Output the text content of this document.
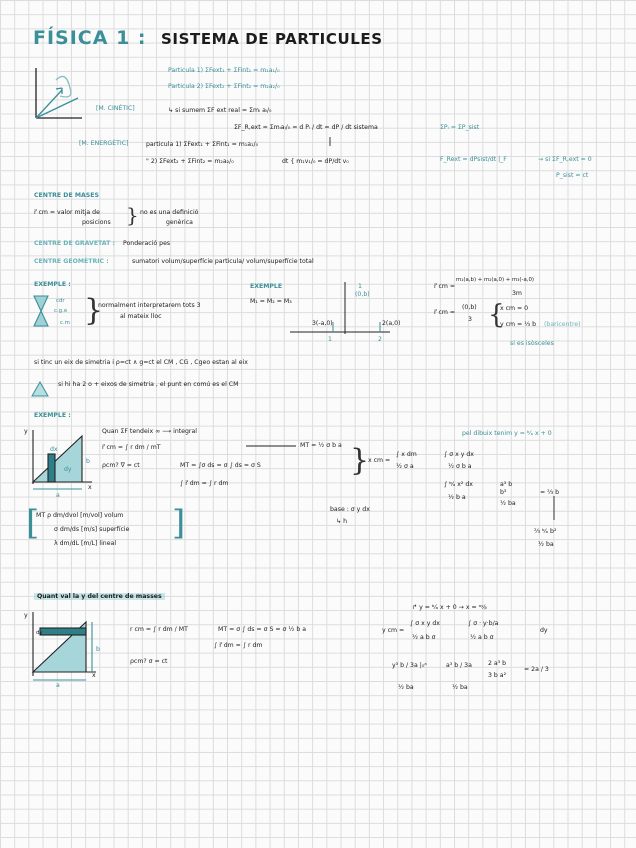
FÍSICA 1 : SISTEMA DE PARTICULES
Particula 1) ΣFext₁ + ΣFint₁ = m₁a₁/₀
Particula 2) ΣFext₂ + ΣFint₂ = m₂a₂/₀
[M. CINÈTIC]	↳ si sumem ΣF ext real = Σmᵢ aᵢ/₀
ΣF_R,ext = Σmᵢaᵢ/₀ = d Pᵢ / dt = dP / dt sistema	ΣPᵢ = ΣP_sist
[M. ENERGÈTIC]	particula 1) ΣFext₁ + ΣFint₁ = m₁a₁/₀
" 2) ΣFext₂ + ΣFint₂ = m₂a₂/₀	dt { m₁v₁/₀ = dP/dt v₀	F_Rext = dPsist/dt |_F	→ si ΣF_R,ext = 0
P_sist = ct
CENTRE DE MASES
r⃗ cm = valor mitja de
posicions } no es una definició
genèrica
CENTRE DE GRAVETAT : Ponderació pes
CENTRE GEOMÈTRIC :	sumatori volum/superfície particula/ volum/superfície total
EXEMPLE :
cdr
c.g.e
c.m }
normalment interpretarem tots 3
al mateix lloc
EXEMPLE
M₁ = M₂ = M₃
1
(0,b)
3(-a,0)	2(a,0)
1	2
r⃗ cm =
m₁(a,b) + m₂(a,0) + m₃(-a,0)
3m
r⃗ cm =
(0,b)
3 {
x cm = 0
y cm = ⅓ b (baricentre)
si es isòsceles
si tinc un eix de simetria i ρ=ct ∧ g=ct el CM , CG , Cgeo estan al eix
si hi ha 2 o + eixos de simetria , el punt en comú es el CM
EXEMPLE :
y
x
a
b
dx
dy
Quan ΣF tendeix ∞ ⟶ integral
r⃗ cm = ∫ r dm / mT
ρcm? ∇ = ct	MT = ∫σ ds = σ ∫ ds = σ S
∫ r⃗ dm = ∫ r dm
MT = ½ σ b a }
x cm =
∫ x dm
½ σ a
∫ σ x y dx
½ σ b a
pel dibuix tenim y = ᵇ⁄ₐ x + 0
∫ ᵇ⁄ₐ x² dx
½ b a
a³ b
b³
½ ba
= ⅔ b
base : σ y dx
↳ h
⅔ ᵇ⁄ₐ b²
½ ba
[
MT ρ dm/dvol [m/vol] volum
σ dm/ds [m/s] superfície
λ dm/dL [m/L] lineal
]
Quant val la y del centre de masses
dy
y
x
a
b
r cm = ∫ r dm / MT	MT = σ ∫ ds = σ S = σ ½ b a
∫ r⃗ dm = ∫ r dm
ρcm? σ = ct
↱ y = ᵇ⁄ₐ x + 0 → x = ᵃʸ⁄ᵦ
y cm =
∫ σ x y dx
½ a b σ
∫ σ · y·b/a
½ a b σ
dy
y³ b / 3a |₀ᵃ
½ ba
a³ b / 3a
½ ba
2 a³ b
3 b a²
= 2a / 3
